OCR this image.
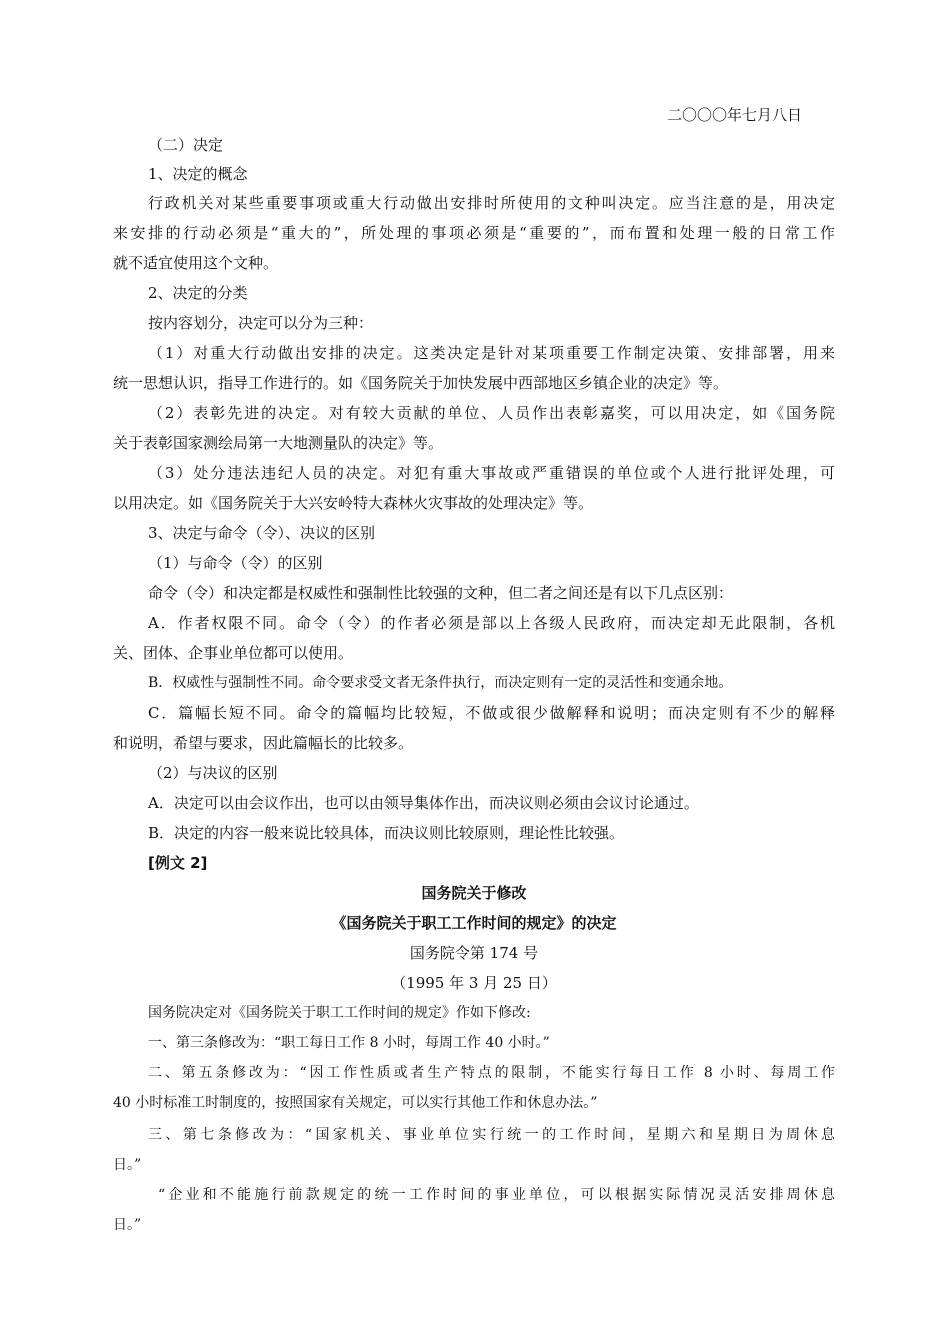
二〇〇〇年七月八日
（二）决定
1、决定的概念
行政机关对某些重要事项或重大行动做出安排时所使用的文种叫决定。应当注意的是，用决定
来安排的行动必须是“重大的”，所处理的事项必须是“重要的”，而布置和处理一般的日常工作
就不适宜使用这个文种。
2、决定的分类
按内容划分，决定可以分为三种：
（1）对重大行动做出安排的决定。这类决定是针对某项重要工作制定决策、安排部署，用来
统一思想认识，指导工作进行的。如《国务院关于加快发展中西部地区乡镇企业的决定》等。
（2）表彰先进的决定。对有较大贡献的单位、人员作出表彰嘉奖，可以用决定，如《国务院
关于表彰国家测绘局第一大地测量队的决定》等。
（3）处分违法违纪人员的决定。对犯有重大事故或严重错误的单位或个人进行批评处理，可
以用决定。如《国务院关于大兴安岭特大森林火灾事故的处理决定》等。
3、决定与命令（令）、决议的区别
（1）与命令（令）的区别
命令（令）和决定都是权威性和强制性比较强的文种，但二者之间还是有以下几点区别：
A．作者权限不同。命令（令）的作者必须是部以上各级人民政府，而决定却无此限制，各机
关、团体、企事业单位都可以使用。
B．权威性与强制性不同。命令要求受文者无条件执行，而决定则有一定的灵活性和变通余地。
C．篇幅长短不同。命令的篇幅均比较短，不做或很少做解释和说明；而决定则有不少的解释
和说明，希望与要求，因此篇幅长的比较多。
（2）与决议的区别
A．决定可以由会议作出，也可以由领导集体作出，而决议则必须由会议讨论通过。
B．决定的内容一般来说比较具体，而决议则比较原则，理论性比较强。
[例文 2]
国务院关于修改
《国务院关于职工工作时间的规定》的决定
国务院令第 174 号
（1995 年 3 月 25 日）
国务院决定对《国务院关于职工工作时间的规定》作如下修改:
一、第三条修改为：“职工每日工作 8 小时，每周工作 40 小时。”
二、第五条修改为：“因工作性质或者生产特点的限制，不能实行每日工作 8 小时、每周工作
40 小时标准工时制度的，按照国家有关规定，可以实行其他工作和休息办法。”
三、第七条修改为：“国家机关、事业单位实行统一的工作时间，星期六和星期日为周休息
日。”
“企业和不能施行前款规定的统一工作时间的事业单位，可以根据实际情况灵活安排周休息
日。”
